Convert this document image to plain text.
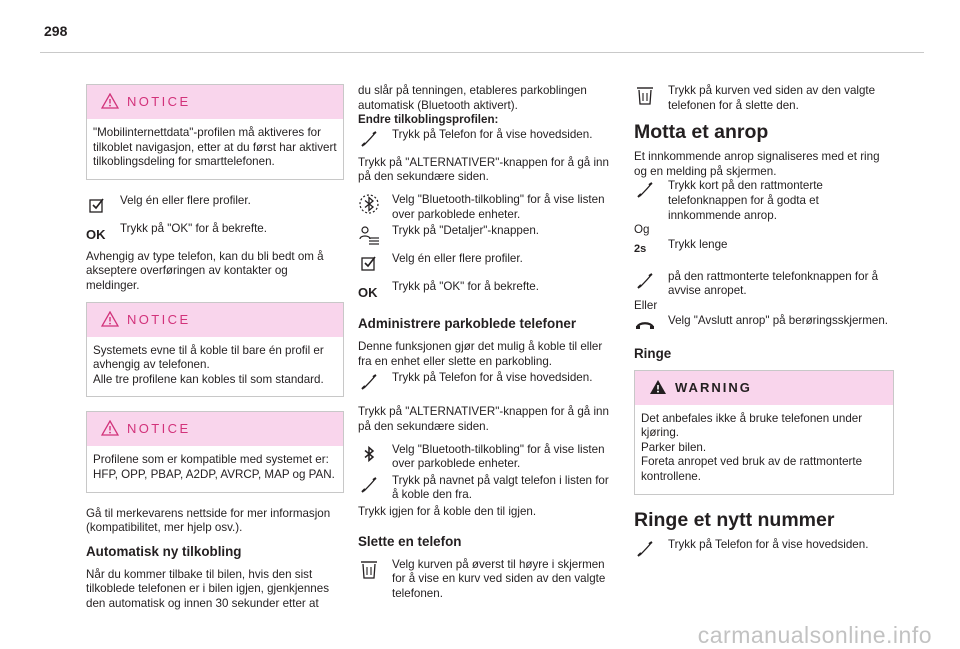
298
NOTICE
"Mobilinternettdata"-profilen må aktiveres for tilkoblet navigasjon, etter at du først har aktivert tilkoblingsdeling for smarttelefonen.
Velg én eller flere profiler.
OK	Trykk på "OK" for å bekrefte.

Avhengig av type telefon, kan du bli bedt om å akseptere overføringen av kontakter og meldinger.

NOTICE
Systemets evne til å koble til bare én profil er avhengig av telefonen.
Alle tre profilene kan kobles til som standard.
NOTICE
Profilene som er kompatible med systemet er: HFP, OPP, PBAP, A2DP, AVRCP, MAP og PAN.

Gå til merkevarens nettside for mer informasjon (kompatibilitet, mer hjelp osv.).

Automatisk ny tilkobling

Når du kommer tilbake til bilen, hvis den sist tilkoblede telefonen er i bilen igjen, gjenkjennes den automatisk og innen 30 sekunder etter at

du slår på tenningen, etableres parkoblingen automatisk (Bluetooth aktivert).
Endre tilkoblingsprofilen:
Trykk på Telefon for å vise hovedsiden.

Trykk på "ALTERNATIVER"-knappen for å gå inn på den sekundære siden.

Velg "Bluetooth-tilkobling" for å vise listen over parkoblede enheter.
Trykk på "Detaljer"-knappen.
Velg én eller flere profiler.
OK	Trykk på "OK" for å bekrefte.
Administrere parkoblede telefoner
Denne funksjonen gjør det mulig å koble til eller fra en enhet eller slette en parkobling.
Trykk på Telefon for å vise hovedsiden.

Trykk på "ALTERNATIVER"-knappen for å gå inn på den sekundære siden.

Velg "Bluetooth-tilkobling" for å vise listen over parkoblede enheter.
Trykk på navnet på valgt telefon i listen for å koble den fra.

Trykk igjen for å koble den til igjen.

Slette en telefon
Velg kurven på øverst til høyre i skjermen for å vise en kurv ved siden av den valgte telefonen.
Trykk på kurven ved siden av den valgte telefonen for å slette den.
Motta et anrop
Et innkommende anrop signaliseres med et ring og en melding på skjermen.
Trykk kort på den rattmonterte telefonknappen for å godta et innkommende anrop.
Og
2s	Trykk lenge
på den rattmonterte telefonknappen for å avvise anropet.
Eller
Velg "Avslutt anrop" på berøringsskjermen.
Ringe
WARNING
Det anbefales ikke å bruke telefonen under kjøring.
Parker bilen.
Foreta anropet ved bruk av de rattmonterte kontrollene.
Ringe et nytt nummer
Trykk på Telefon for å vise hovedsiden.
carmanualsonline.info
